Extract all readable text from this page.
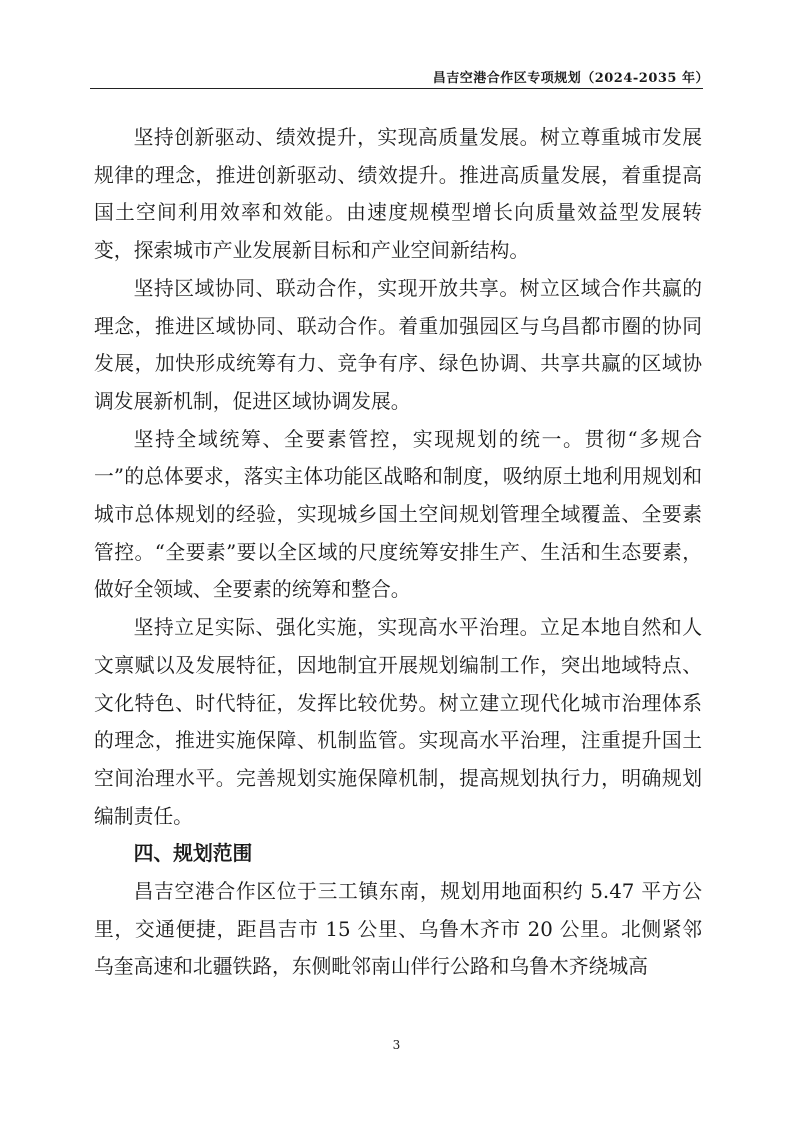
昌吉空港合作区专项规划（2024-2035 年）

坚持创新驱动、绩效提升，实现高质量发展。树立尊重城市发展规律的理念，推进创新驱动、绩效提升。推进高质量发展，着重提高国土空间利用效率和效能。由速度规模型增长向质量效益型发展转变，探索城市产业发展新目标和产业空间新结构。

坚持区域协同、联动合作，实现开放共享。树立区域合作共赢的理念，推进区域协同、联动合作。着重加强园区与乌昌都市圈的协同发展，加快形成统筹有力、竞争有序、绿色协调、共享共赢的区域协调发展新机制，促进区域协调发展。

坚持全域统筹、全要素管控，实现规划的统一。贯彻“多规合一”的总体要求，落实主体功能区战略和制度，吸纳原土地利用规划和城市总体规划的经验，实现城乡国土空间规划管理全域覆盖、全要素管控。“全要素”要以全区域的尺度统筹安排生产、生活和生态要素，做好全领域、全要素的统筹和整合。

坚持立足实际、强化实施，实现高水平治理。立足本地自然和人文禀赋以及发展特征，因地制宜开展规划编制工作，突出地域特点、文化特色、时代特征，发挥比较优势。树立建立现代化城市治理体系的理念，推进实施保障、机制监管。实现高水平治理，注重提升国土空间治理水平。完善规划实施保障机制，提高规划执行力，明确规划编制责任。

四、规划范围

昌吉空港合作区位于三工镇东南，规划用地面积约 5.47 平方公里，交通便捷，距昌吉市 15 公里、乌鲁木齐市 20 公里。北侧紧邻乌奎高速和北疆铁路，东侧毗邻南山伴行公路和乌鲁木齐绕城高

3
